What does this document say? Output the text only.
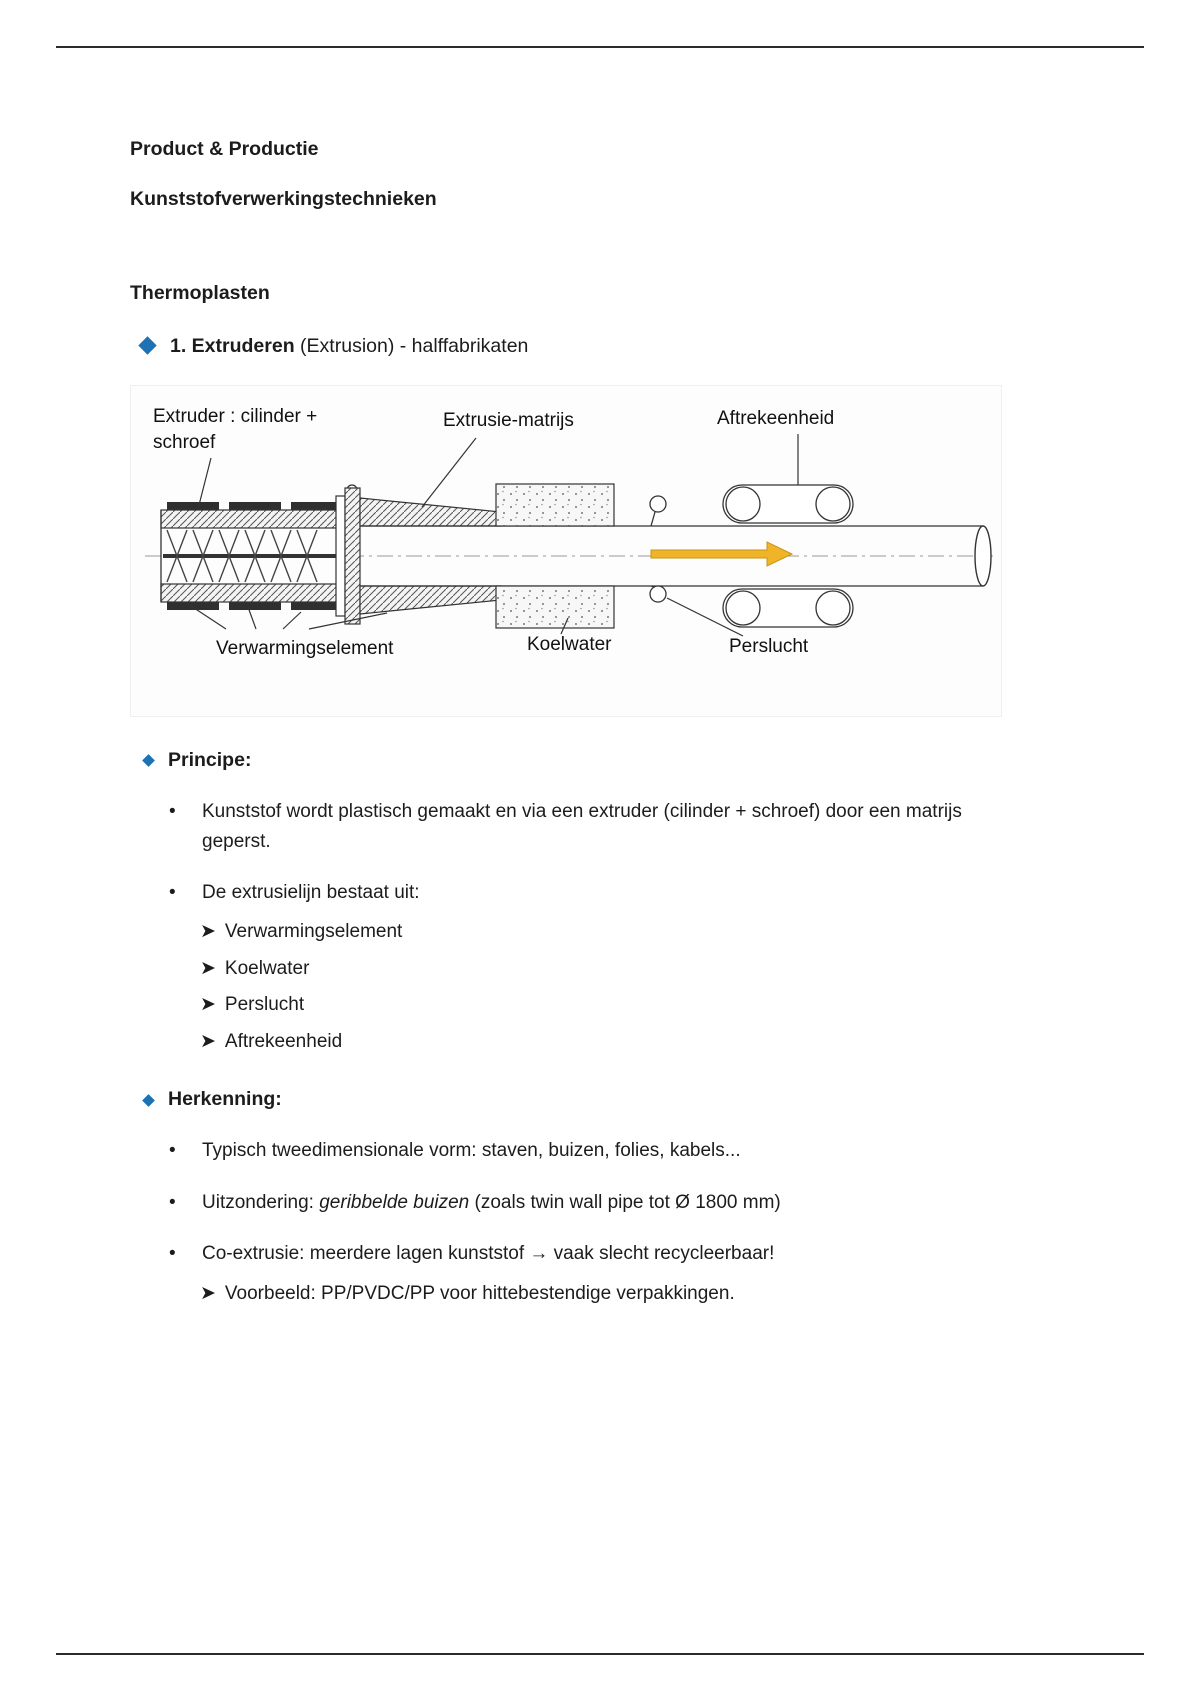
Product & Productie

Kunststofverwerkingstechnieken

Thermoplasten

1. Extruderen (Extrusion) - halffabrikaten
Extruder : cilinder +
schroef
Extrusie-matrijs	Aftrekeenheid
Verwarmingselement	Koelwater	Perslucht
Principe:
•	Kunststof wordt plastisch gemaakt en via een extruder (cilinder + schroef) door een matrijs geperst.
•	De extrusielijn bestaat uit:
➤ Verwarmingselement
➤ Koelwater
➤ Perslucht
➤ Aftrekeenheid
Herkenning:
•	Typisch tweedimensionale vorm: staven, buizen, folies, kabels...
•	Uitzondering: geribbelde buizen (zoals twin wall pipe tot Ø 1800 mm)
•	Co-extrusie: meerdere lagen kunststof → vaak slecht recycleerbaar!
➤ Voorbeeld: PP/PVDC/PP voor hittebestendige verpakkingen.
